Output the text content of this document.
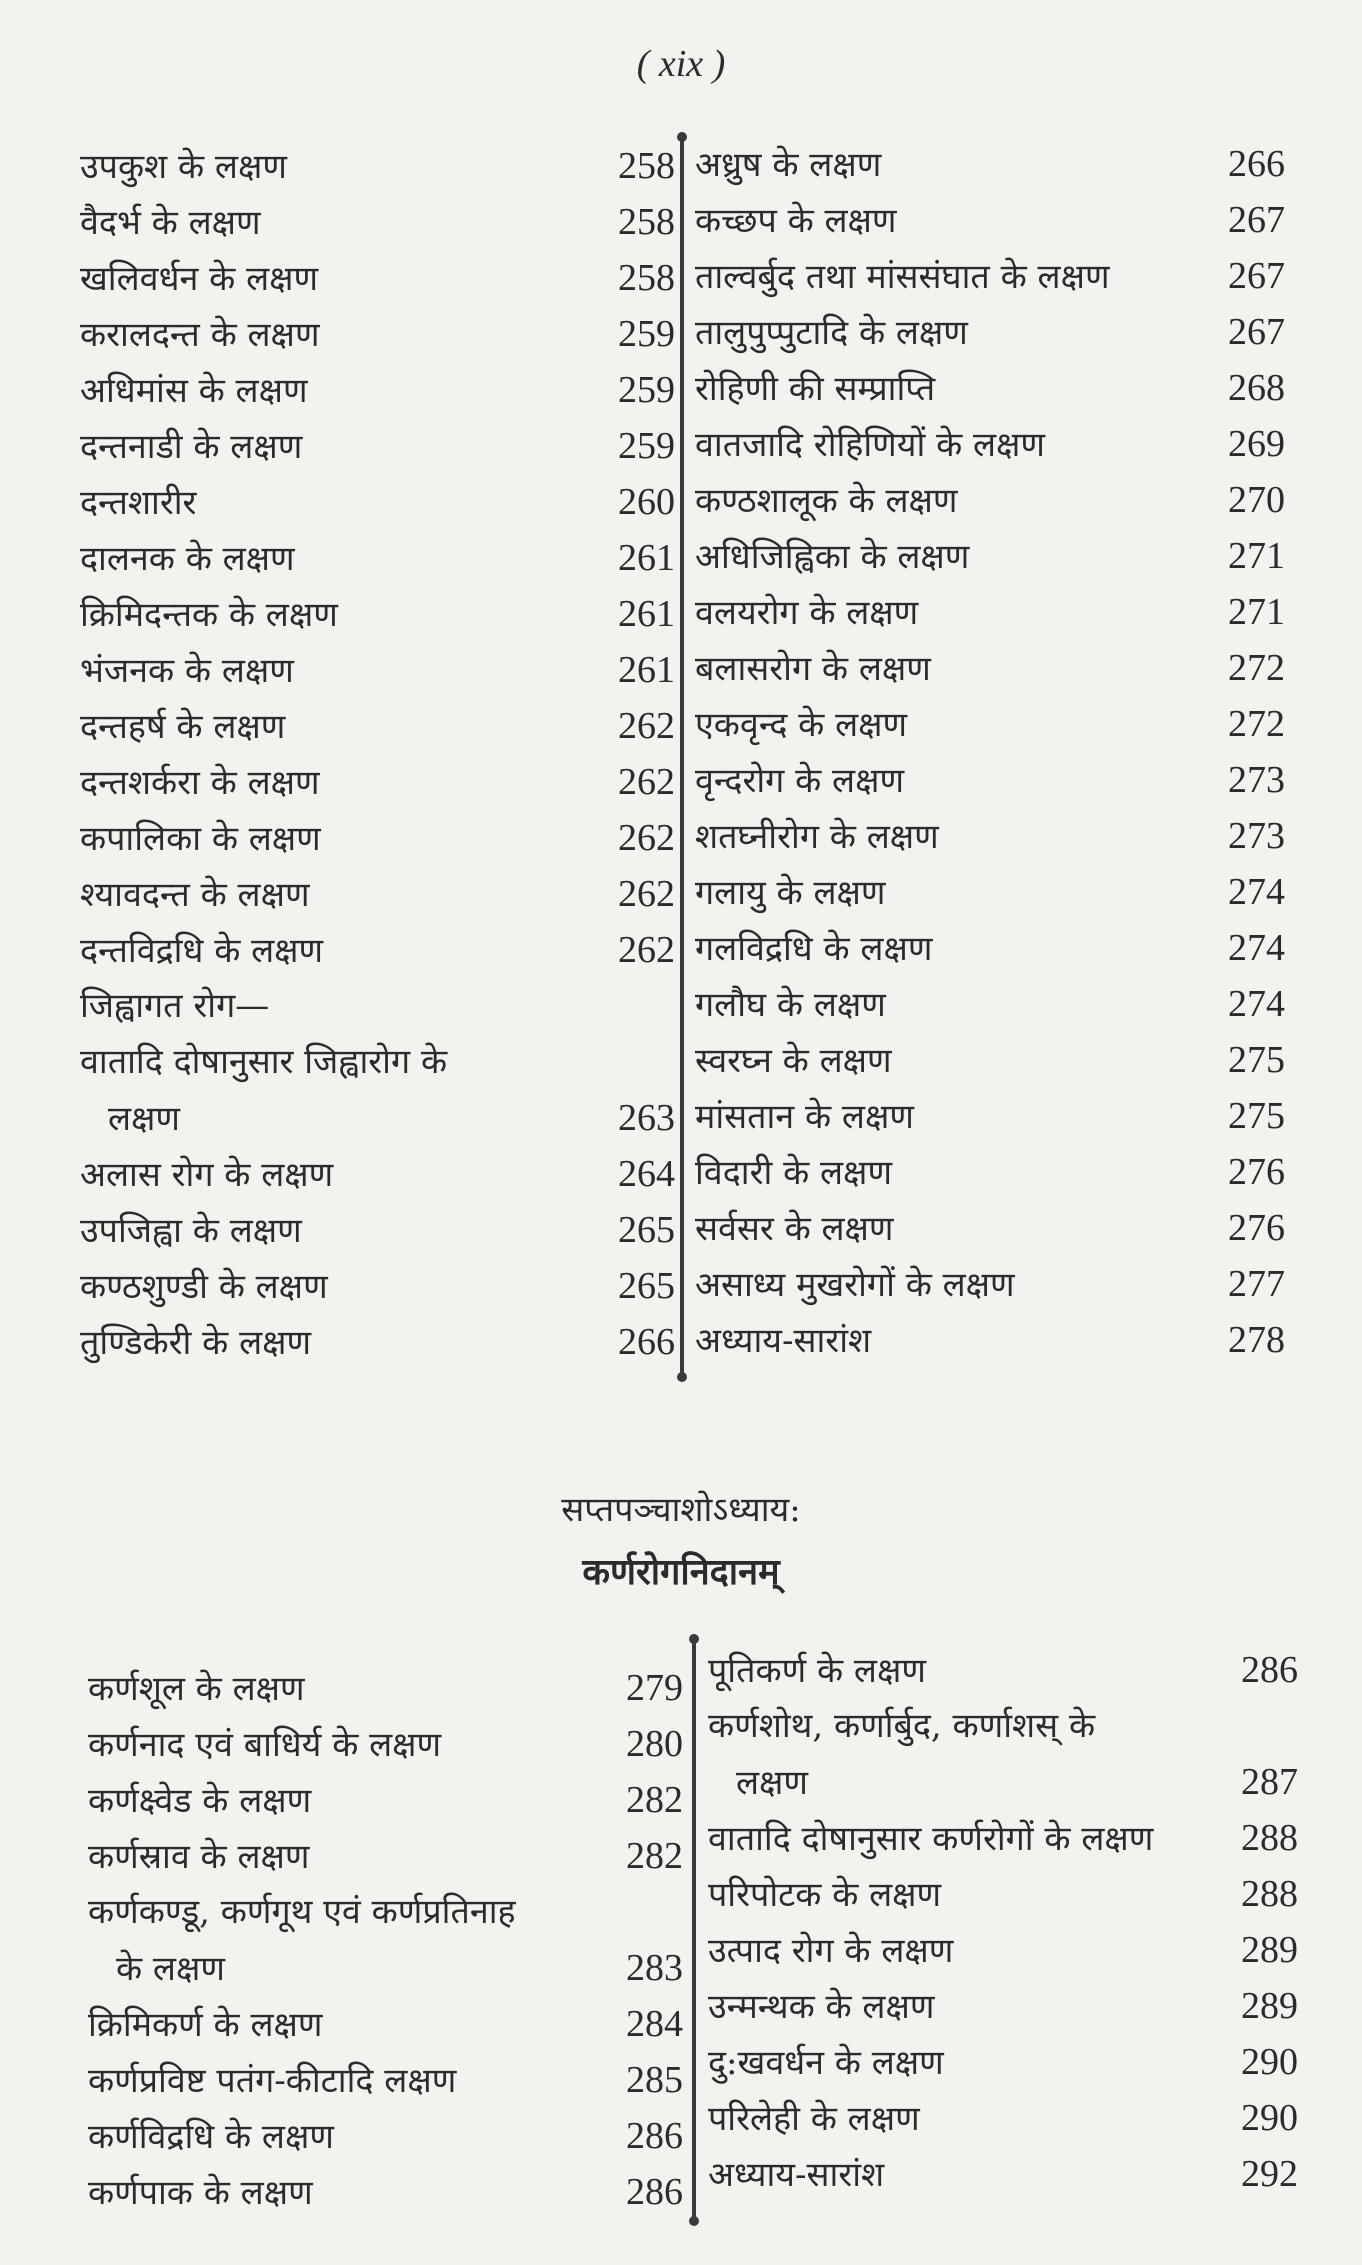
( xix )
उपकुश के लक्षण	258
वैदर्भ के लक्षण	258
खलिवर्धन के लक्षण	258
करालदन्त के लक्षण	259
अधिमांस के लक्षण	259
दन्तनाडी के लक्षण	259
दन्तशारीर	260
दालनक के लक्षण	261
क्रिमिदन्तक के लक्षण	261
भंजनक के लक्षण	261
दन्तहर्ष के लक्षण	262
दन्तशर्करा के लक्षण	262
कपालिका के लक्षण	262
श्यावदन्त के लक्षण	262
दन्तविद्रधि के लक्षण	262
जिह्वागत रोग—
वातादि दोषानुसार जिह्वारोग के
लक्षण	263
अलास रोग के लक्षण	264
उपजिह्वा के लक्षण	265
कण्ठशुण्डी के लक्षण	265
तुण्डिकेरी के लक्षण	266
अध्रुष के लक्षण	266
कच्छप के लक्षण	267
ताल्वर्बुद तथा मांससंघात के लक्षण	267
तालुपुप्पुटादि के लक्षण	267
रोहिणी की सम्प्राप्ति	268
वातजादि रोहिणियों के लक्षण	269
कण्ठशालूक के लक्षण	270
अधिजिह्विका के लक्षण	271
वलयरोग के लक्षण	271
बलासरोग के लक्षण	272
एकवृन्द के लक्षण	272
वृन्दरोग के लक्षण	273
शतघ्नीरोग के लक्षण	273
गलायु के लक्षण	274
गलविद्रधि के लक्षण	274
गलौघ के लक्षण	274
स्वरघ्न के लक्षण	275
मांसतान के लक्षण	275
विदारी के लक्षण	276
सर्वसर के लक्षण	276
असाध्य मुखरोगों के लक्षण	277
अध्याय-सारांश	278
सप्तपञ्चाशोऽध्याय:
कर्णरोगनिदानम्
कर्णशूल के लक्षण	279
कर्णनाद एवं बाधिर्य के लक्षण	280
कर्णक्ष्वेड के लक्षण	282
कर्णस्राव के लक्षण	282
कर्णकण्डू, कर्णगूथ एवं कर्णप्रतिनाह
के लक्षण	283
क्रिमिकर्ण के लक्षण	284
कर्णप्रविष्ट पतंग-कीटादि लक्षण	285
कर्णविद्रधि के लक्षण	286
कर्णपाक के लक्षण	286
पूतिकर्ण के लक्षण	286
कर्णशोथ, कर्णार्बुद, कर्णाशस् के
लक्षण	287
वातादि दोषानुसार कर्णरोगों के लक्षण	288
परिपोटक के लक्षण	288
उत्पाद रोग के लक्षण	289
उन्मन्थक के लक्षण	289
दु:खवर्धन के लक्षण	290
परिलेही के लक्षण	290
अध्याय-सारांश	292
